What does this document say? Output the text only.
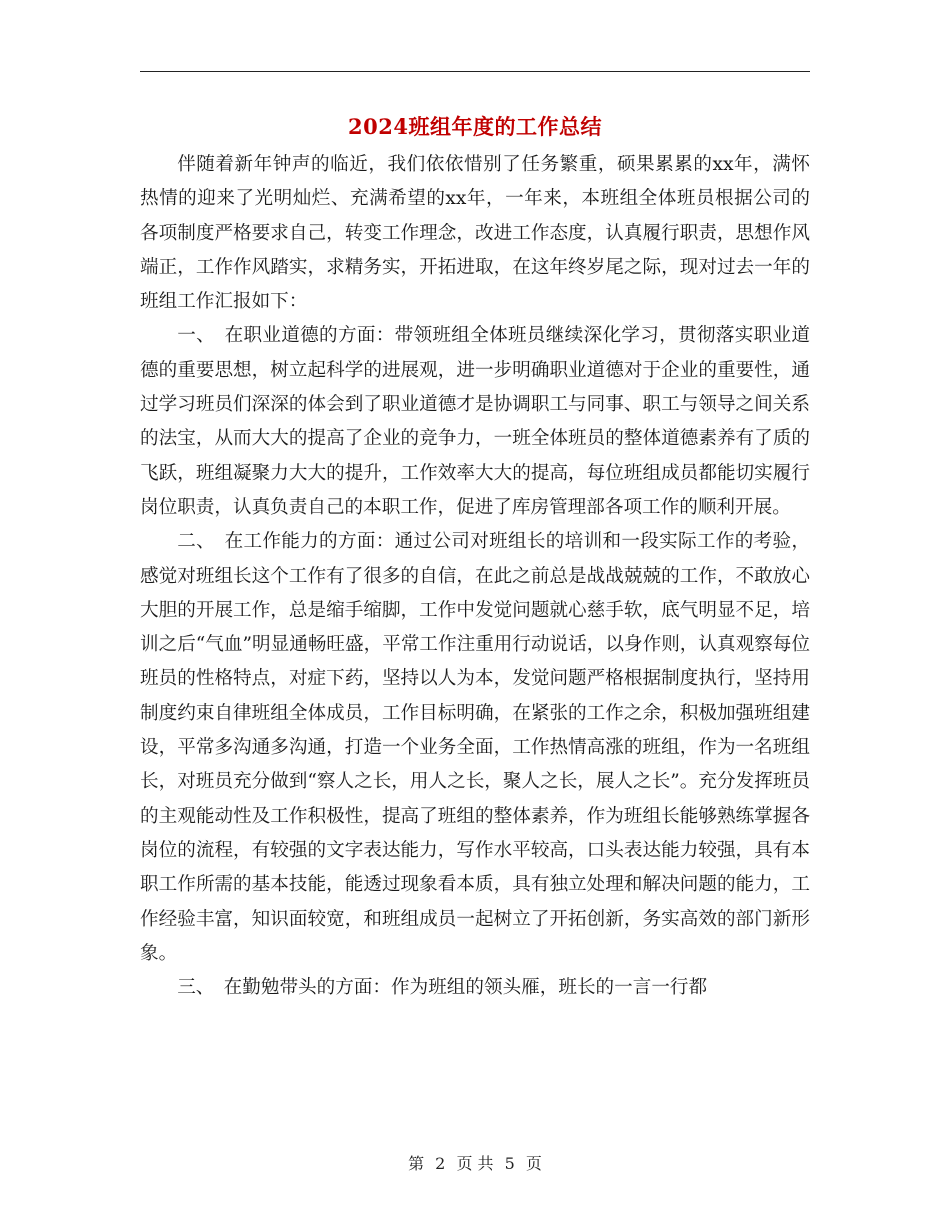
2024班组年度的工作总结

伴随着新年钟声的临近，我们依依惜别了任务繁重，硕果累累的xx年，满怀热情的迎来了光明灿烂、充满希望的xx年，一年来，本班组全体班员根据公司的各项制度严格要求自己，转变工作理念，改进工作态度，认真履行职责，思想作风端正，工作作风踏实，求精务实，开拓进取，在这年终岁尾之际，现对过去一年的班组工作汇报如下：

一、　在职业道德的方面：带领班组全体班员继续深化学习，贯彻落实职业道德的重要思想，树立起科学的进展观，进一步明确职业道德对于企业的重要性，通过学习班员们深深的体会到了职业道德才是协调职工与同事、职工与领导之间关系的法宝，从而大大的提高了企业的竞争力，一班全体班员的整体道德素养有了质的飞跃，班组凝聚力大大的提升，工作效率大大的提高，每位班组成员都能切实履行岗位职责，认真负责自己的本职工作，促进了库房管理部各项工作的顺利开展。

二、　在工作能力的方面：通过公司对班组长的培训和一段实际工作的考验，感觉对班组长这个工作有了很多的自信，在此之前总是战战兢兢的工作，不敢放心大胆的开展工作，总是缩手缩脚，工作中发觉问题就心慈手软，底气明显不足，培训之后“气血”明显通畅旺盛，平常工作注重用行动说话，以身作则，认真观察每位班员的性格特点，对症下药，坚持以人为本，发觉问题严格根据制度执行，坚持用制度约束自律班组全体成员，工作目标明确，在紧张的工作之余，积极加强班组建设，平常多沟通多沟通，打造一个业务全面，工作热情高涨的班组，作为一名班组长，对班员充分做到“察人之长，用人之长，聚人之长，展人之长”。充分发挥班员的主观能动性及工作积极性，提高了班组的整体素养，作为班组长能够熟练掌握各岗位的流程，有较强的文字表达能力，写作水平较高，口头表达能力较强，具有本职工作所需的基本技能，能透过现象看本质，具有独立处理和解决问题的能力，工作经验丰富，知识面较宽，和班组成员一起树立了开拓创新，务实高效的部门新形象。

三、　在勤勉带头的方面：作为班组的领头雁，班长的一言一行都

第 2 页 共 5 页
